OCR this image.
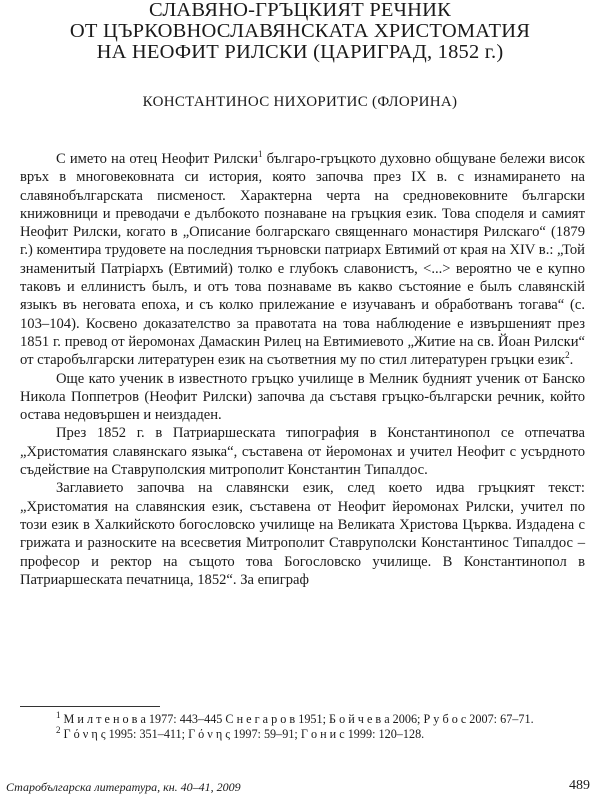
СЛАВЯНО-ГРЪЦКИЯТ РЕЧНИК

ОТ ЦЪРКОВНОСЛАВЯНСКАТА ХРИСТОМАТИЯ

НА НЕОФИТ РИЛСКИ (ЦАРИГРАД, 1852 г.)

КОНСТАНТИНОС НИХОРИТИС (ФЛОРИНА)

С името на отец Неофит Рилски$^1$ българо-гръцкото духовно общуване бележи висок връх в многовековната си история, която започва през IX в. с изнамирането на славянобългарската писменост. Характерна черта на средновековните български книжовници и преводачи е дълбокото познаване на гръцкия език. Това споделя и самият Неофит Рилски, когато в „Описание болгарскаго священнаго монастиря Рилскаго“ (1879 г.) коментира трудовете на последния търновски патриарх Евтимий от края на XIV в.: „Той знаменитый Патріархъ (Евтимий) толко е глубокъ славонистъ, <...> вероятно че е купно таковъ и еллинистъ былъ, и отъ това познаваме въ какво състояние е былъ славянскій языкъ въ неговата епоха, и съ колко прилежание е изучаванъ и обработванъ тогава“ (с. 103–104). Косвено доказателство за правотата на това наблюдение е извършеният през 1851 г. превод от йеромонах Дамаскин Рилец на Евтимиевото „Житие на св. Йоан Рилски“ от старобългарски литературен език на съответния му по стил литературен гръцки език$^2$.

Още като ученик в известното гръцко училище в Мелник будният ученик от Банско Никола Поппетров (Неофит Рилски) започва да съставя гръцко-български речник, който остава недовършен и неиздаден.

През 1852 г. в Патриаршеската типография в Константинопол се отпечатва „Христоматия славянскаго языка“, съставена от йеромонах и учител Неофит с усърдното съдействие на Ставруполския митрополит Константин Типалдос.

Заглавието започва на славянски език, след което идва гръцкият текст: „Христоматия на славянския език, съставена от Неофит йеромонах Рилски, учител по този език в Халкийското богословско училище на Великата Христова Църква. Издадена с грижата и разноските на всесветия Митрополит Ставруполски Константинос Типалдос – професор и ректор на същото това Богословско училище. В Константинопол в Патриаршеската печатница, 1852“. За епиграф

$^1$ М и л т е н о в а 1977: 443–445 С н е г а р о в 1951; Б о й ч е в а 2006; Р у б о с 2007: 67–71.

$^2$ Γ ό ν η ς 1995: 351–411; Γ ό ν η ς 1997: 59–91; Г о н и с 1999: 120–128.

Старобългарска литература, кн. 40–41, 2009	489
